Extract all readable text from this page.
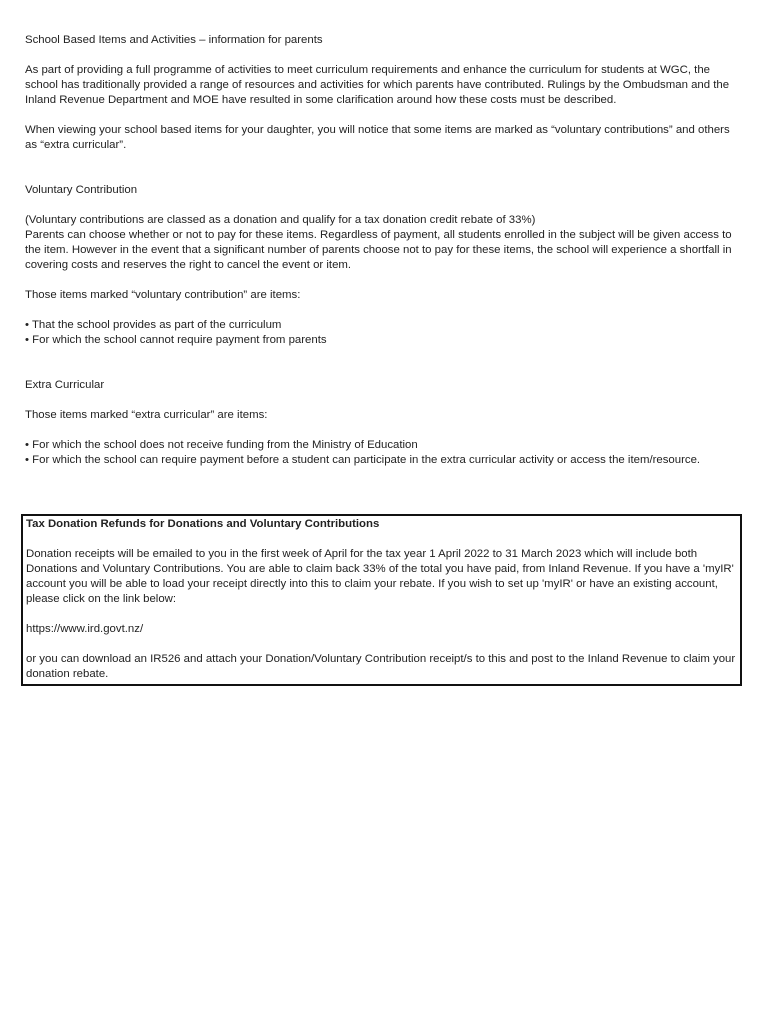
School Based Items and Activities – information for parents

As part of providing a full programme of activities to meet curriculum requirements and enhance the curriculum for students at WGC, the school has traditionally provided a range of resources and activities for which parents have contributed. Rulings by the Ombudsman and the Inland Revenue Department and MOE have resulted in some clarification around how these costs must be described.

When viewing your school based items for your daughter, you will notice that some items are marked as “voluntary contributions” and others as “extra curricular”.

Voluntary Contribution

(Voluntary contributions are classed as a donation and qualify for a tax donation credit rebate of 33%)

Parents can choose whether or not to pay for these items. Regardless of payment, all students enrolled in the subject will be given access to the item. However in the event that a significant number of parents choose not to pay for these items, the school will experience a shortfall in covering costs and reserves the right to cancel the event or item.

Those items marked “voluntary contribution” are items:

• That the school provides as part of the curriculum

• For which the school cannot require payment from parents

Extra Curricular

Those items marked “extra curricular” are items:

• For which the school does not receive funding from the Ministry of Education

• For which the school can require payment before a student can participate in the extra curricular activity or access the item/resource.

Tax Donation Refunds for Donations and Voluntary Contributions

Donation receipts will be emailed to you in the first week of April for the tax year 1 April 2022 to 31 March 2023 which will include both Donations and Voluntary Contributions. You are able to claim back 33% of the total you have paid, from Inland Revenue. If you have a 'myIR' account you will be able to load your receipt directly into this to claim your rebate. If you wish to set up 'myIR' or have an existing account, please click on the link below:

https://www.ird.govt.nz/

or you can download an IR526 and attach your Donation/Voluntary Contribution receipt/s to this and post to the Inland Revenue to claim your donation rebate.
